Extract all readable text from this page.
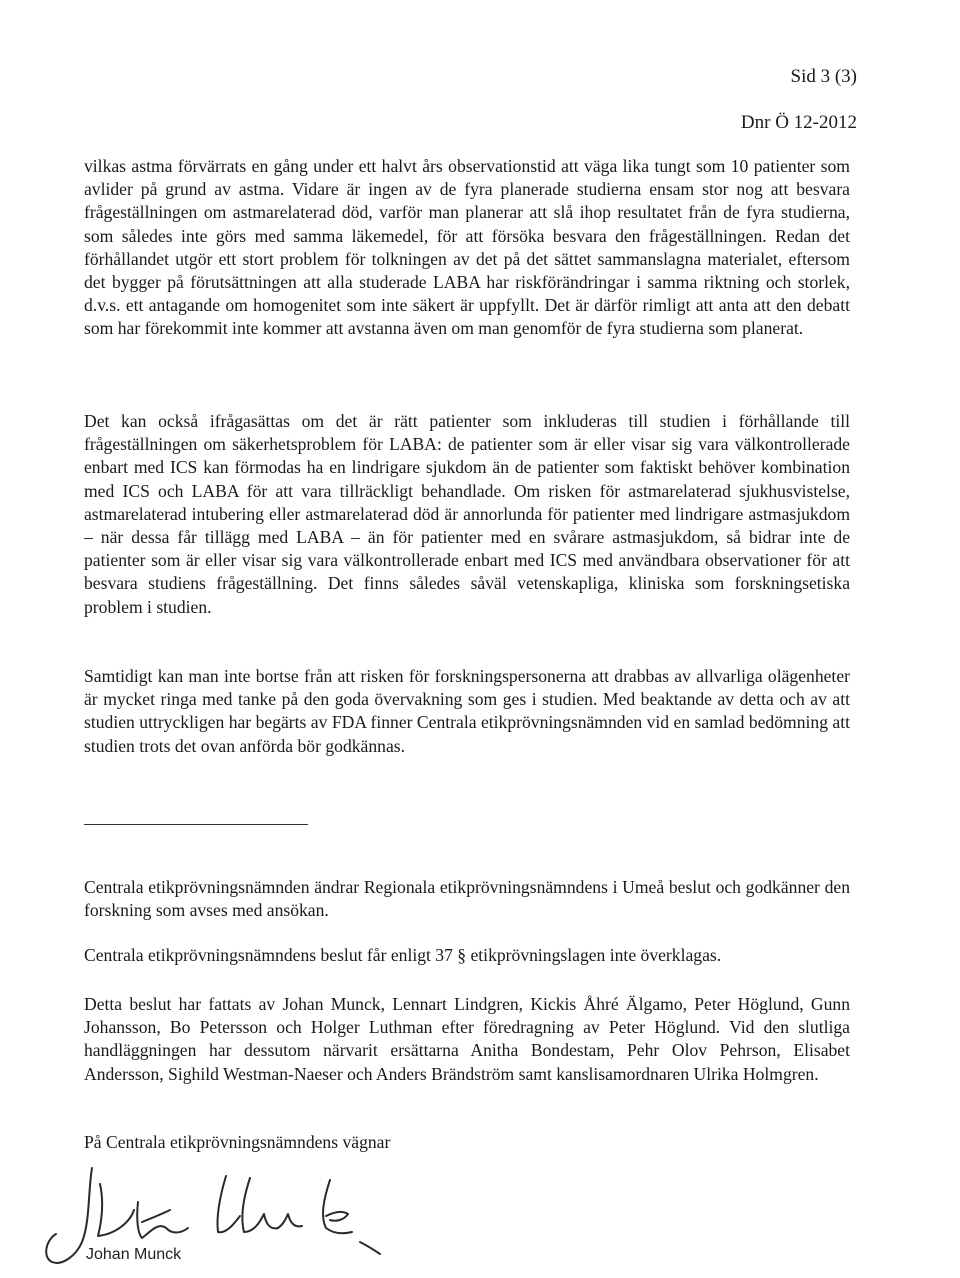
Sid 3 (3)
Dnr Ö 12-2012

vilkas astma förvärrats en gång under ett halvt års observationstid att väga lika tungt som 10 patienter som avlider på grund av astma. Vidare är ingen av de fyra planerade studierna ensam stor nog att besvara frågeställningen om astmarelaterad död, varför man planerar att slå ihop resultatet från de fyra studierna, som således inte görs med samma läkemedel, för att försöka besvara den frågeställningen. Redan det förhållandet utgör ett stort problem för tolkningen av det på det sättet sammanslagna materialet, eftersom det bygger på förutsättningen att alla studerade LABA har riskförändringar i samma riktning och storlek, d.v.s. ett antagande om homogenitet som inte säkert är uppfyllt. Det är därför rimligt att anta att den debatt som har förekommit inte kommer att avstanna även om man genomför de fyra studierna som planerat.

Det kan också ifrågasättas om det är rätt patienter som inkluderas till studien i förhållande till frågeställningen om säkerhetsproblem för LABA: de patienter som är eller visar sig vara välkontrollerade enbart med ICS kan förmodas ha en lindrigare sjukdom än de patienter som faktiskt behöver kombination med ICS och LABA för att vara tillräckligt behandlade. Om risken för astmarelaterad sjukhusvistelse, astmarelaterad intubering eller astmarelaterad död är annorlunda för patienter med lindrigare astmasjukdom – när dessa får tillägg med LABA – än för patienter med en svårare astmasjukdom, så bidrar inte de patienter som är eller visar sig vara välkontrollerade enbart med ICS med användbara observationer för att besvara studiens frågeställning. Det finns således såväl vetenskapliga, kliniska som forskningsetiska problem i studien.

Samtidigt kan man inte bortse från att risken för forskningspersonerna att drabbas av allvarliga olägenheter är mycket ringa med tanke på den goda övervakning som ges i studien. Med beaktande av detta och av att studien uttryckligen har begärts av FDA finner Centrala etikprövningsnämnden vid en samlad bedömning att studien trots det ovan anförda bör godkännas.

Centrala etikprövningsnämnden ändrar Regionala etikprövningsnämndens i Umeå beslut och godkänner den forskning som avses med ansökan.

Centrala etikprövningsnämndens beslut får enligt 37 § etikprövningslagen inte överklagas.

Detta beslut har fattats av Johan Munck, Lennart Lindgren, Kickis Åhré Älgamo, Peter Höglund, Gunn Johansson, Bo Petersson och Holger Luthman efter föredragning av Peter Höglund. Vid den slutliga handläggningen har dessutom närvarit ersättarna Anitha Bondestam, Pehr Olov Pehrson, Elisabet Andersson, Sighild Westman-Naeser och Anders Brändström samt kanslisamordnaren Ulrika Holmgren.

På Centrala etikprövningsnämndens vägnar

Johan Munck
